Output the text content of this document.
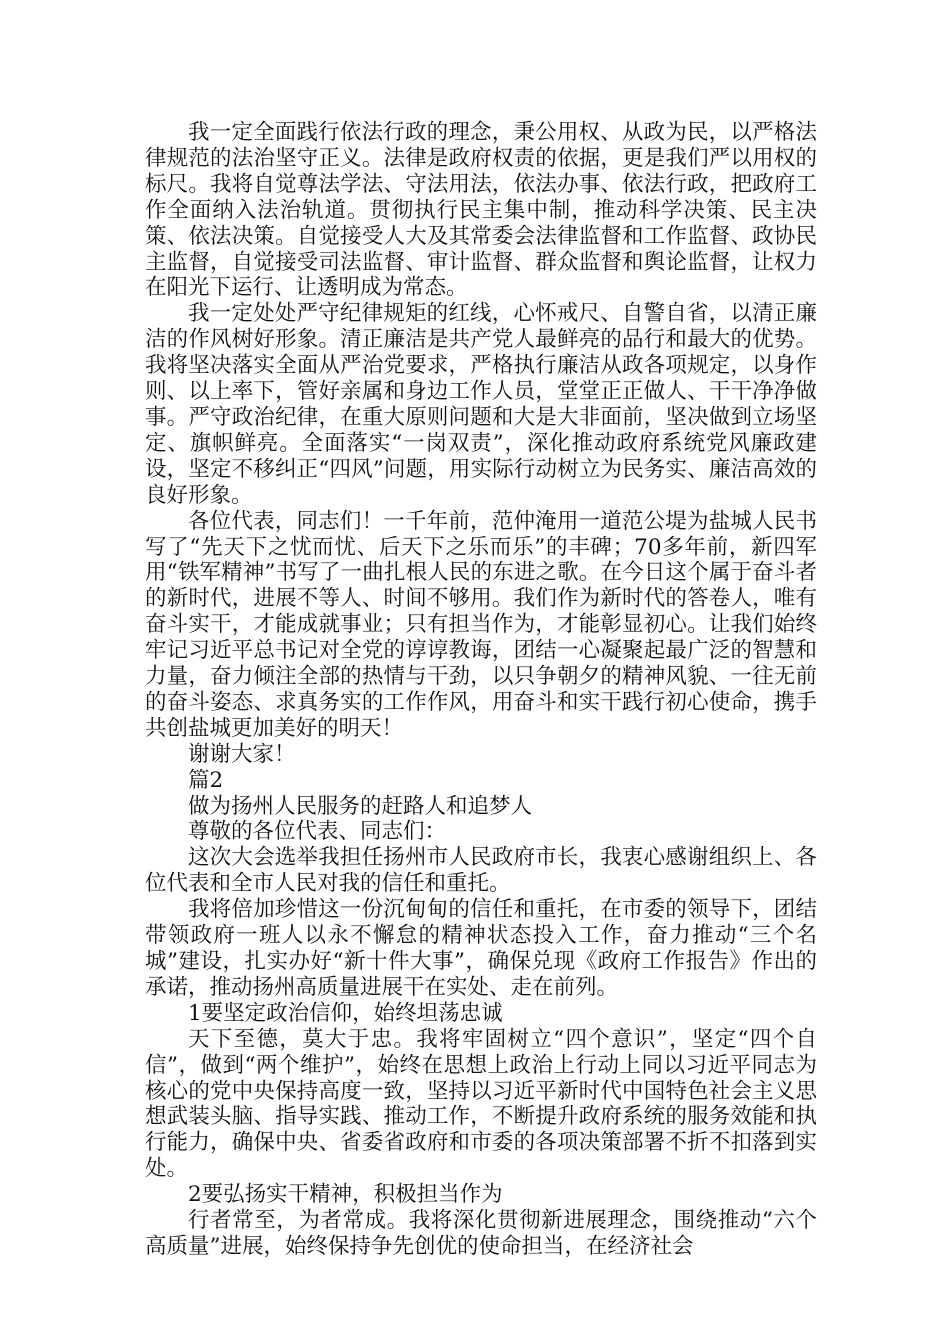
我一定全面践行依法行政的理念，秉公用权、从政为民，以严格法律规范的法治坚守正义。法律是政府权责的依据，更是我们严以用权的标尺。我将自觉尊法学法、守法用法，依法办事、依法行政，把政府工作全面纳入法治轨道。贯彻执行民主集中制，推动科学决策、民主决策、依法决策。自觉接受人大及其常委会法律监督和工作监督、政协民主监督，自觉接受司法监督、审计监督、群众监督和舆论监督，让权力在阳光下运行、让透明成为常态。

我一定处处严守纪律规矩的红线，心怀戒尺、自警自省，以清正廉洁的作风树好形象。清正廉洁是共产党人最鲜亮的品行和最大的优势。我将坚决落实全面从严治党要求，严格执行廉洁从政各项规定，以身作则、以上率下，管好亲属和身边工作人员，堂堂正正做人、干干净净做事。严守政治纪律，在重大原则问题和大是大非面前，坚决做到立场坚定、旗帜鲜亮。全面落实“一岗双责”，深化推动政府系统党风廉政建设，坚定不移纠正“四风”问题，用实际行动树立为民务实、廉洁高效的良好形象。

各位代表，同志们！一千年前，范仲淹用一道范公堤为盐城人民书写了“先天下之忧而忧、后天下之乐而乐”的丰碑；70多年前，新四军用“铁军精神”书写了一曲扎根人民的东进之歌。在今日这个属于奋斗者的新时代，进展不等人、时间不够用。我们作为新时代的答卷人，唯有奋斗实干，才能成就事业；只有担当作为，才能彰显初心。让我们始终牢记习近平总书记对全党的谆谆教诲，团结一心凝聚起最广泛的智慧和力量，奋力倾注全部的热情与干劲，以只争朝夕的精神风貌、一往无前的奋斗姿态、求真务实的工作作风，用奋斗和实干践行初心使命，携手共创盐城更加美好的明天！

谢谢大家！

篇2

做为扬州人民服务的赶路人和追梦人

尊敬的各位代表、同志们：

这次大会选举我担任扬州市人民政府市长，我衷心感谢组织上、各位代表和全市人民对我的信任和重托。

我将倍加珍惜这一份沉甸甸的信任和重托，在市委的领导下，团结带领政府一班人以永不懈怠的精神状态投入工作，奋力推动“三个名城”建设，扎实办好“新十件大事”，确保兑现《政府工作报告》作出的承诺，推动扬州高质量进展干在实处、走在前列。

1要坚定政治信仰，始终坦荡忠诚

天下至德，莫大于忠。我将牢固树立“四个意识”，坚定“四个自信”，做到“两个维护”，始终在思想上政治上行动上同以习近平同志为核心的党中央保持高度一致，坚持以习近平新时代中国特色社会主义思想武装头脑、指导实践、推动工作，不断提升政府系统的服务效能和执行能力，确保中央、省委省政府和市委的各项决策部署不折不扣落到实处。

2要弘扬实干精神，积极担当作为

行者常至，为者常成。我将深化贯彻新进展理念，围绕推动“六个高质量”进展，始终保持争先创优的使命担当，在经济社会
